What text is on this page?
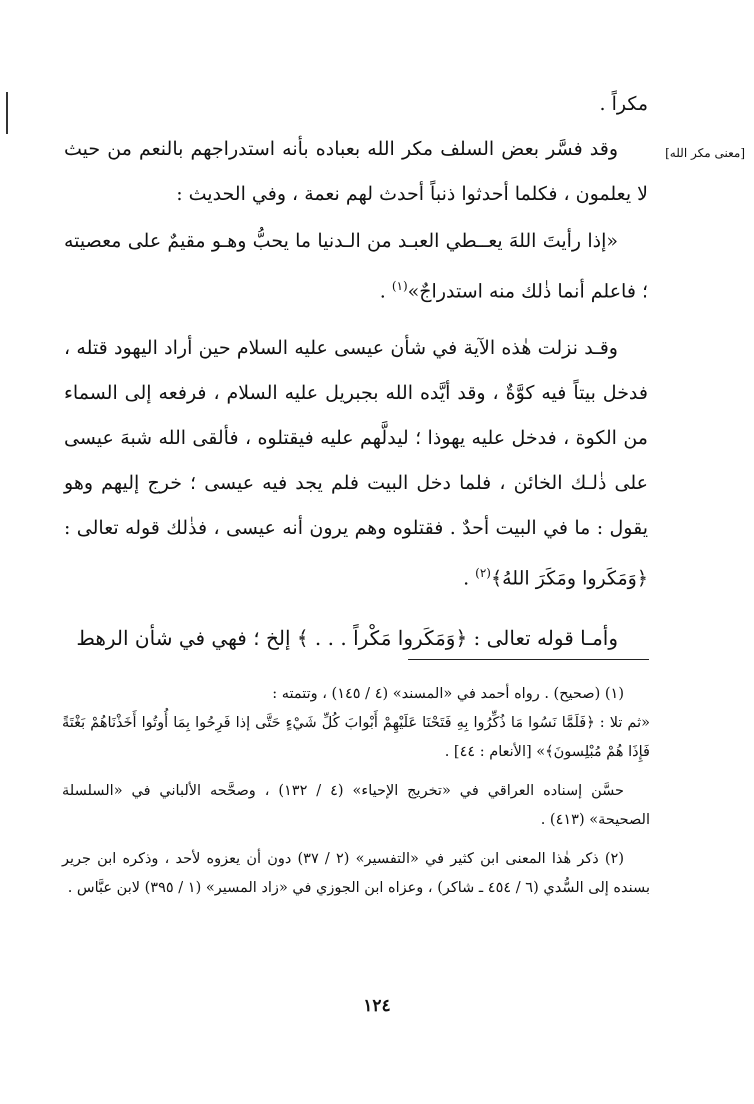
[معنى مكر الله]

مكراً .

وقد فسَّر بعض السلف مكر الله بعباده بأنه استدراجهم بالنعم من حيث لا يعلمون ، فكلما أحدثوا ذنباً أحدث لهم نعمة ، وفي الحديث :

«إذا رأيتَ اللهَ يعــطي العبـد من الـدنيا ما يحبُّ وهـو مقيمٌ على معصيته ؛ فاعلم أنما ذٰلك منه استدراجٌ»$^{(١)}$ .

وقـد نزلت هٰذه الآية في شأن عيسى عليه السلام حين أراد اليهود قتله ، فدخل بيتاً فيه كوَّةٌ ، وقد أيَّده الله بجبريل عليه السلام ، فرفعه إلى السماء من الكوة ، فدخل عليه يهوذا ؛ ليدلَّهم عليه فيقتلوه ، فألقى الله شبهَ عيسى على ذٰلـك الخائن ، فلما دخل البيت فلم يجد فيه عيسى ؛ خرج إليهم وهو يقول : ما في البيت أحدٌ . فقتلوه وهم يرون أنه عيسى ، فذٰلك قوله تعالى : ﴿وَمَكَروا ومَكَرَ اللهُ﴾$^{(٢)}$ .

وأمـا قوله تعالى : ﴿وَمَكَروا مَكْراً . . . ﴾ إلخ ؛ فهي في شأن الرهط

(١) (صحيح) . رواه أحمد في «المسند» (٤ / ١٤٥) ، وتتمته :

«ثم تلا : ﴿فَلَمَّا نَسُوا مَا ذُكِّرُوا بِهِ فَتَحْنَا عَلَيْهِمْ أَبْوابَ كُلِّ شَيْءٍ حَتَّى إذا فَرِحُوا بِمَا أُوتُوا أَخَذْنَاهُمْ بَغْتَةً فَإِذَا هُمْ مُبْلِسونَ﴾» [الأنعام : ٤٤] .

حسَّن إسناده العراقي في «تخريج الإحياء» (٤ / ١٣٢) ، وصحَّحه الألباني في «السلسلة الصحيحة» (٤١٣) .

(٢) ذكر هٰذا المعنى ابن كثير في «التفسير» (٢ / ٣٧) دون أن يعزوه لأحد ، وذكره ابن جرير بسنده إلى السُّدي (٦ / ٤٥٤ ـ شاكر) ، وعزاه ابن الجوزي في «زاد المسير» (١ / ٣٩٥) لابن عبَّاس .

١٢٤
